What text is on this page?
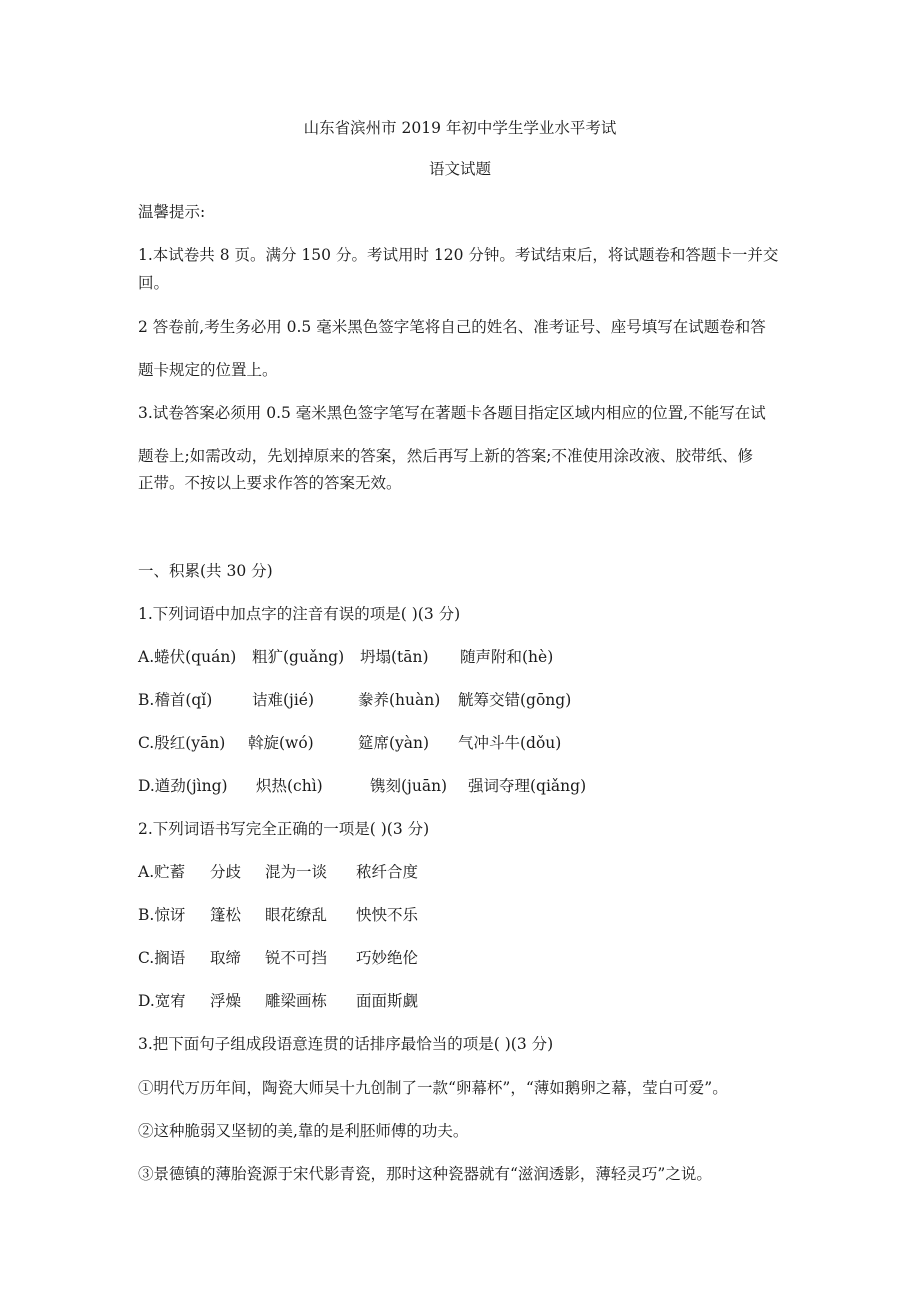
山东省滨州市 2019 年初中学生学业水平考试
语文试题
温馨提示:
1.本试卷共 8 页。满分 150 分。考试用时 120 分钟。考试结束后，将试题卷和答题卡一并交
回。
2 答卷前,考生务必用 0.5 毫米黑色签字笔将自己的姓名、准考证号、座号填写在试题卷和答
题卡规定的位置上。
3.试卷答案必须用 0.5 毫米黑色签字笔写在著题卡各题目指定区域内相应的位置,不能写在试
题卷上;如需改动，先划掉原来的答案，然后再写上新的答案;不准使用涂改液、胶带纸、修
正带。不按以上要求作答的答案无效。
一、积累(共 30 分)
1.下列词语中加点字的注音有误的项是( )(3 分)
A.蜷伏(quán) 粗犷(guǎng) 坍塌(tān) 随声附和(hè)
B.稽首(qǐ)	诘难(jié)	豢养(huàn) 觥筹交错(gōng)
C.殷红(yān) 斡旋(wó)	筵席(yàn) 气冲斗牛(dǒu)
D.遒劲(jìng) 炽热(chì)	镌刻(juān) 强词夺理(qiǎng)
2.下列词语书写完全正确的一项是( )(3 分)
A.贮蓄 分歧 混为一谈 秾纤合度
B.惊讶 篷松 眼花缭乱 怏怏不乐
C.搁语 取缔 锐不可挡 巧妙绝伦
D.宽宥 浮燥 雕梁画栋 面面斯觑
3.把下面句子组成段语意连贯的话排序最恰当的项是( )(3 分)
①明代万历年间，陶瓷大师吴十九创制了一款“卵幕杯”，“薄如鹅卵之幕，莹白可爱”。
②这种脆弱又坚韧的美,靠的是利胚师傅的功夫。
③景德镇的薄胎瓷源于宋代影青瓷，那时这种瓷器就有“滋润透影，薄轻灵巧”之说。
